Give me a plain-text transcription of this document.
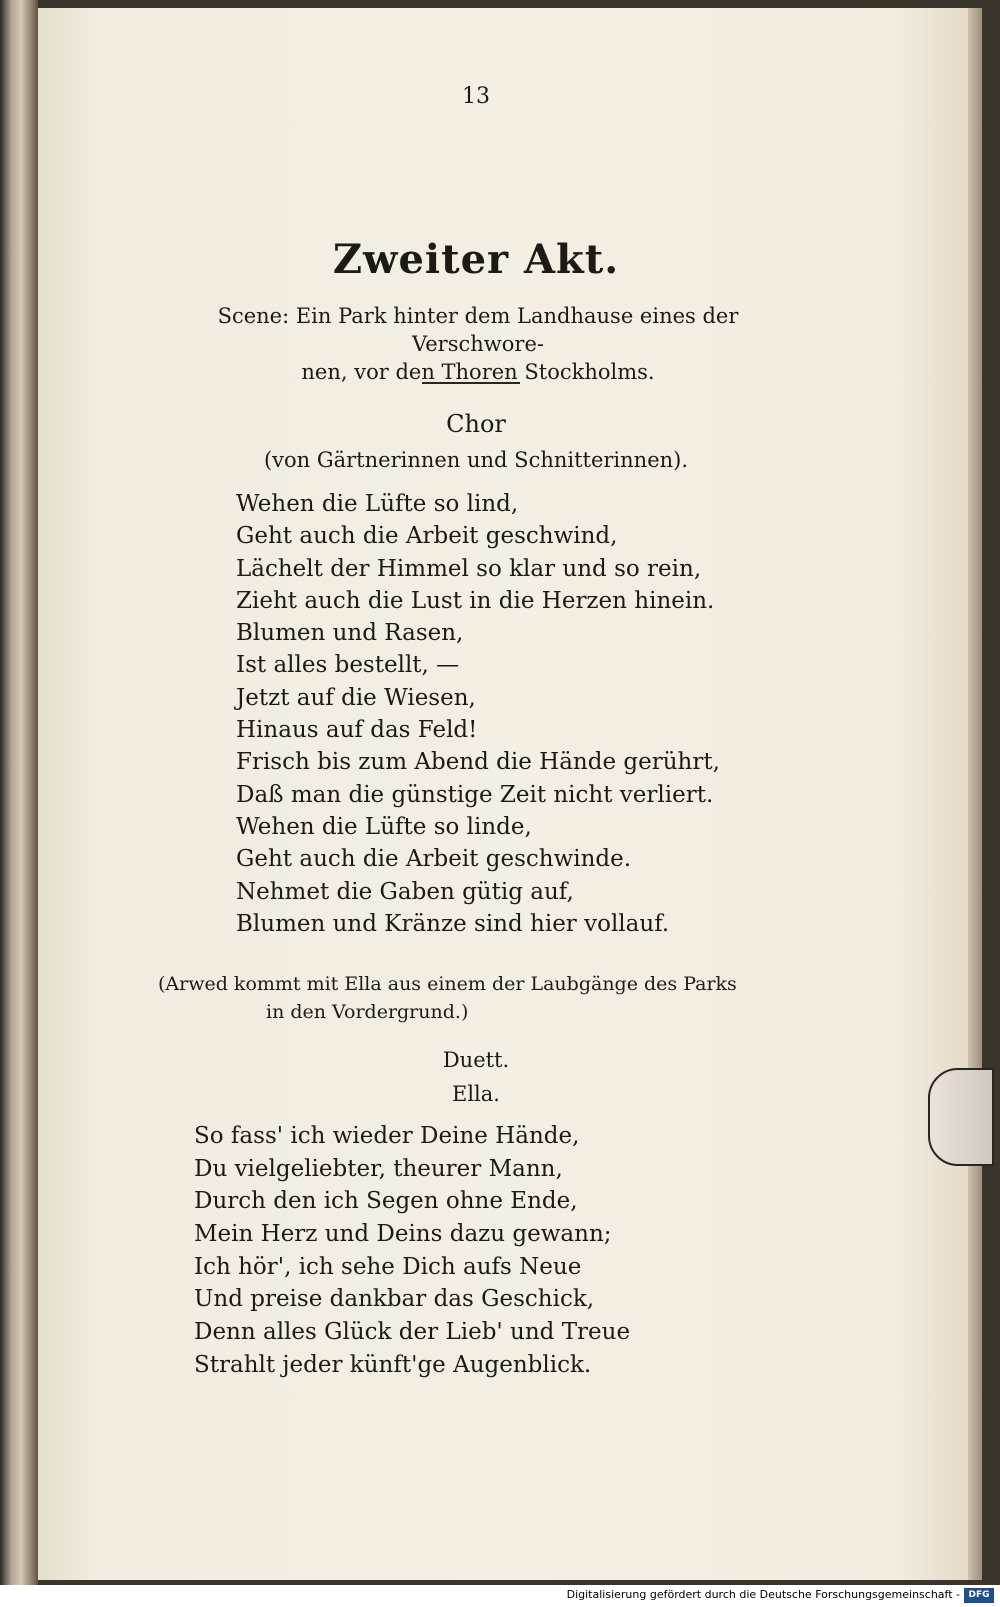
13
Zweiter Akt.
Scene: Ein Park hinter dem Landhause eines der Verschwore-
nen, vor den Thoren Stockholms.
Chor
(von Gärtnerinnen und Schnitterinnen).
Wehen die Lüfte so lind,
Geht auch die Arbeit geschwind,
Lächelt der Himmel so klar und so rein,
Zieht auch die Lust in die Herzen hinein.
Blumen und Rasen,
Ist alles bestellt, —
Jetzt auf die Wiesen,
Hinaus auf das Feld!
Frisch bis zum Abend die Hände gerührt,
Daß man die günstige Zeit nicht verliert.
Wehen die Lüfte so linde,
Geht auch die Arbeit geschwinde.
Nehmet die Gaben gütig auf,
Blumen und Kränze sind hier vollauf.
(Arwed kommt mit Ella aus einem der Laubgänge des Parks
in den Vordergrund.)
Duett.
Ella.
So fass' ich wieder Deine Hände,
Du vielgeliebter, theurer Mann,
Durch den ich Segen ohne Ende,
Mein Herz und Deins dazu gewann;
Ich hör', ich sehe Dich aufs Neue
Und preise dankbar das Geschick,
Denn alles Glück der Lieb' und Treue
Strahlt jeder künft'ge Augenblick.
Digitalisierung gefördert durch die Deutsche Forschungsgemeinschaft - DFG
